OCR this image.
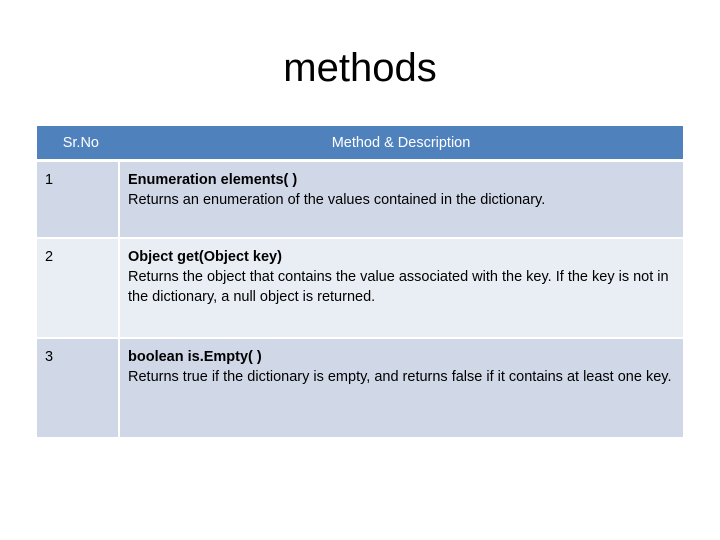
methods
Sr.No	Method & Description
1	Enumeration elements( )
Returns an enumeration of the values contained in the dictionary.

2	Object get(Object key)
Returns the object that contains the value associated with the key. If the key is not in the dictionary, a null object is returned.

3	boolean is.Empty( )
Returns true if the dictionary is empty, and returns false if it contains at least one key.
